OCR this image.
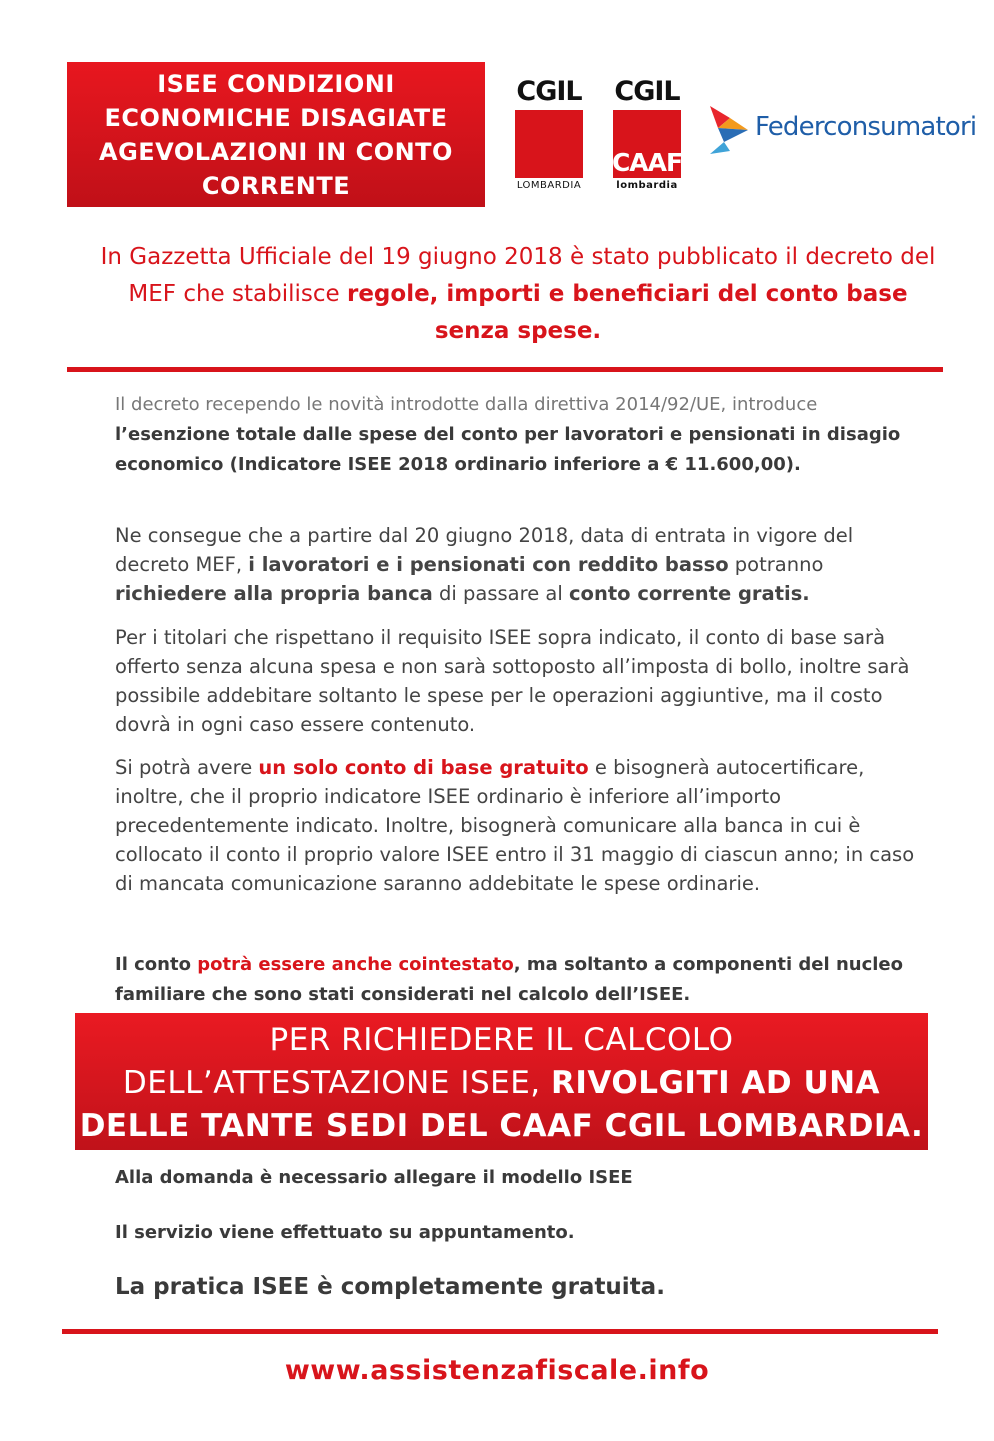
ISEE CONDIZIONI
ECONOMICHE DISAGIATE
AGEVOLAZIONI IN CONTO
CORRENTE
CGIL
LOMBARDIA
CGIL
CAAF
lombardia
Federconsumatori
In Gazzetta Ufficiale del 19 giugno 2018 è stato pubblicato il decreto del MEF che stabilisce regole, importi e beneficiari del conto base senza spese.
Il decreto recependo le novità introdotte dalla direttiva 2014/92/UE, introduce l’esenzione totale dalle spese del conto per lavoratori e pensionati in disagio economico (Indicatore ISEE 2018 ordinario inferiore a € 11.600,00).
Ne consegue che a partire dal 20 giugno 2018, data di entrata in vigore del decreto MEF, i lavoratori e i pensionati con reddito basso potranno richiedere alla propria banca di passare al conto corrente gratis.
Per i titolari che rispettano il requisito ISEE sopra indicato, il conto di base sarà offerto senza alcuna spesa e non sarà sottoposto all’imposta di bollo, inoltre sarà possibile addebitare soltanto le spese per le operazioni aggiuntive, ma il costo dovrà in ogni caso essere contenuto.
Si potrà avere un solo conto di base gratuito e bisognerà autocertificare, inoltre, che il proprio indicatore ISEE ordinario è inferiore all’importo precedentemente indicato. Inoltre, bisognerà comunicare alla banca in cui è collocato il conto il proprio valore ISEE entro il 31 maggio di ciascun anno; in caso di mancata comunicazione saranno addebitate le spese ordinarie.
Il conto potrà essere anche cointestato, ma soltanto a componenti del nucleo familiare che sono stati considerati nel calcolo dell’ISEE.
PER RICHIEDERE IL CALCOLO
DELL’ATTESTAZIONE ISEE, RIVOLGITI AD UNA
DELLE TANTE SEDI DEL CAAF CGIL LOMBARDIA.
Alla domanda è necessario allegare il modello ISEE
Il servizio viene effettuato su appuntamento.
La pratica ISEE è completamente gratuita.
www.assistenzafiscale.info
